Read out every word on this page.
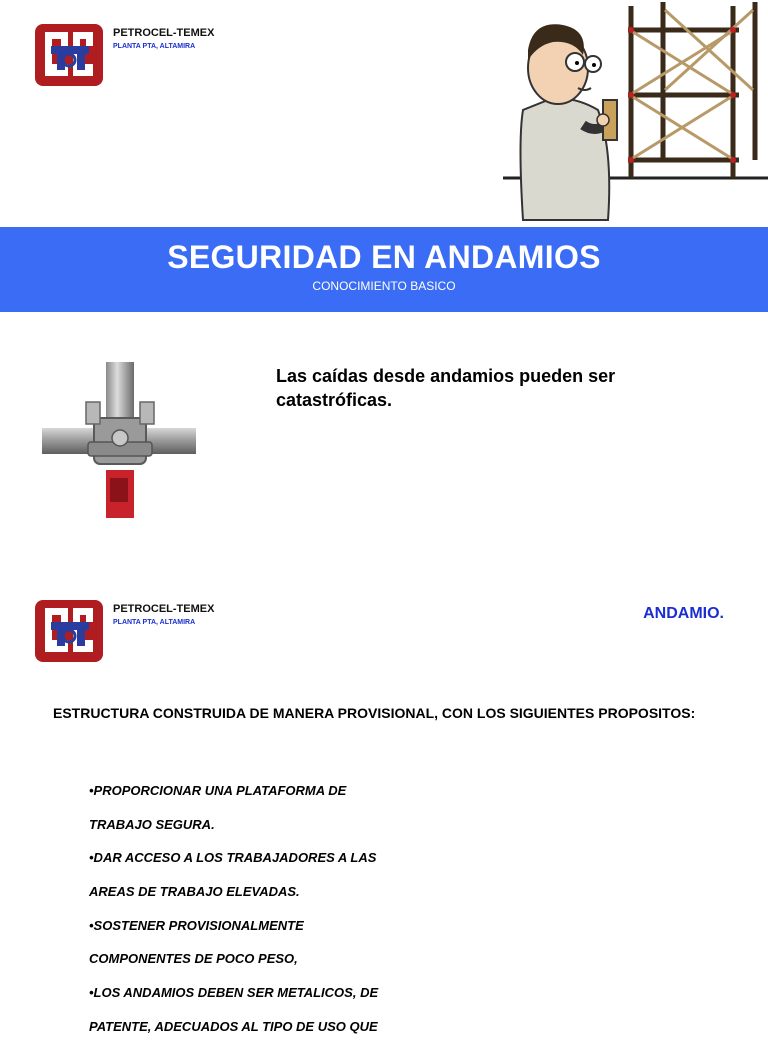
PETROCEL-TEMEX
PLANTA PTA, ALTAMIRA
SEGURIDAD EN ANDAMIOS
CONOCIMIENTO BASICO
Las caídas desde andamios pueden ser catastróficas.
PETROCEL-TEMEX
PLANTA PTA, ALTAMIRA
ANDAMIO.
ESTRUCTURA CONSTRUIDA DE MANERA PROVISIONAL, CON LOS SIGUIENTES PROPOSITOS:
•PROPORCIONAR UNA PLATAFORMA DE
TRABAJO SEGURA.
•DAR ACCESO A LOS TRABAJADORES A LAS
AREAS DE TRABAJO ELEVADAS.
•SOSTENER PROVISIONALMENTE
COMPONENTES DE POCO PESO,
•LOS ANDAMIOS DEBEN SER METALICOS, DE
PATENTE, ADECUADOS AL TIPO DE USO QUE
